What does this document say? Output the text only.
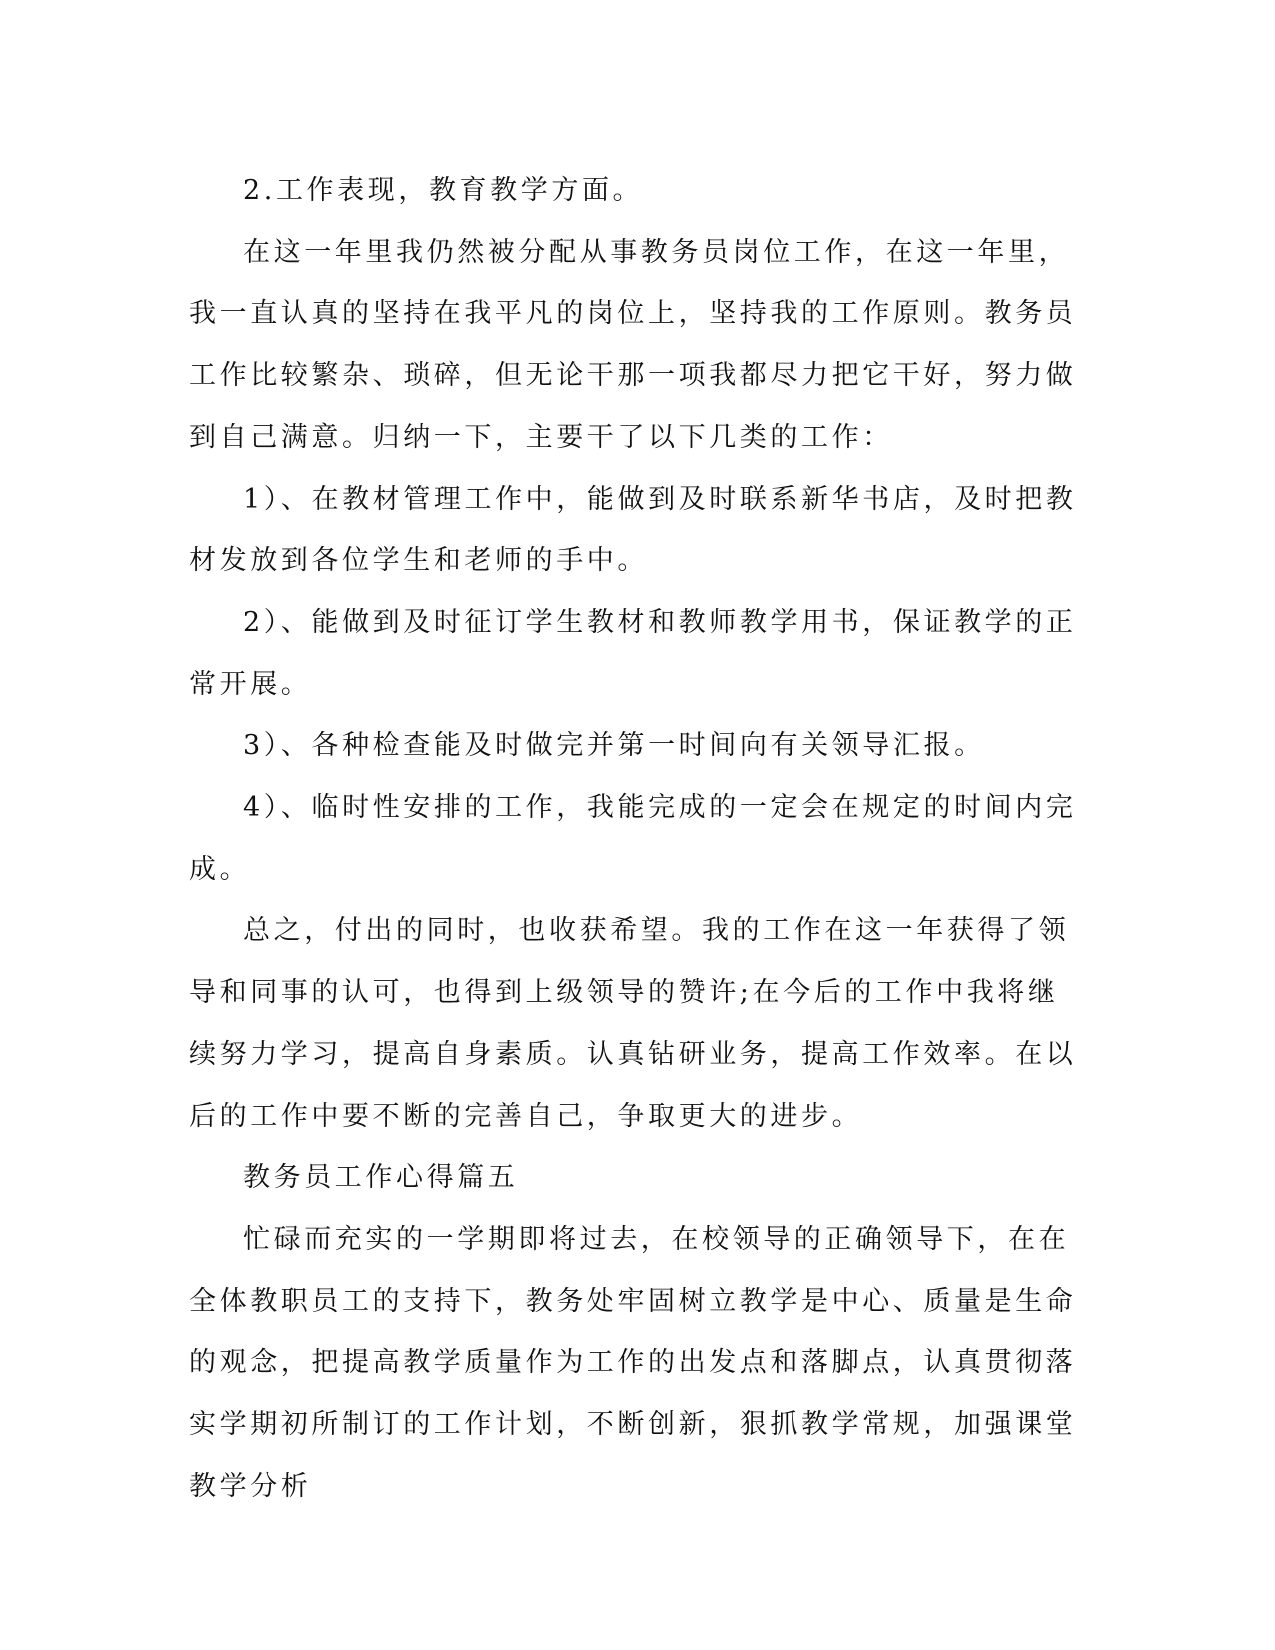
2.工作表现，教育教学方面。

在这一年里我仍然被分配从事教务员岗位工作，在这一年里，我一直认真的坚持在我平凡的岗位上，坚持我的工作原则。教务员工作比较繁杂、琐碎，但无论干那一项我都尽力把它干好，努力做到自己满意。归纳一下，主要干了以下几类的工作：

1）、在教材管理工作中，能做到及时联系新华书店，及时把教材发放到各位学生和老师的手中。

2）、能做到及时征订学生教材和教师教学用书，保证教学的正常开展。

3）、各种检查能及时做完并第一时间向有关领导汇报。

4）、临时性安排的工作，我能完成的一定会在规定的时间内完成。

总之，付出的同时，也收获希望。我的工作在这一年获得了领导和同事的认可，也得到上级领导的赞许;在今后的工作中我将继续努力学习，提高自身素质。认真钻研业务，提高工作效率。在以后的工作中要不断的完善自己，争取更大的进步。

教务员工作心得篇五

忙碌而充实的一学期即将过去，在校领导的正确领导下，在在全体教职员工的支持下，教务处牢固树立教学是中心、质量是生命的观念，把提高教学质量作为工作的出发点和落脚点，认真贯彻落实学期初所制订的工作计划，不断创新，狠抓教学常规，加强课堂教学分析
